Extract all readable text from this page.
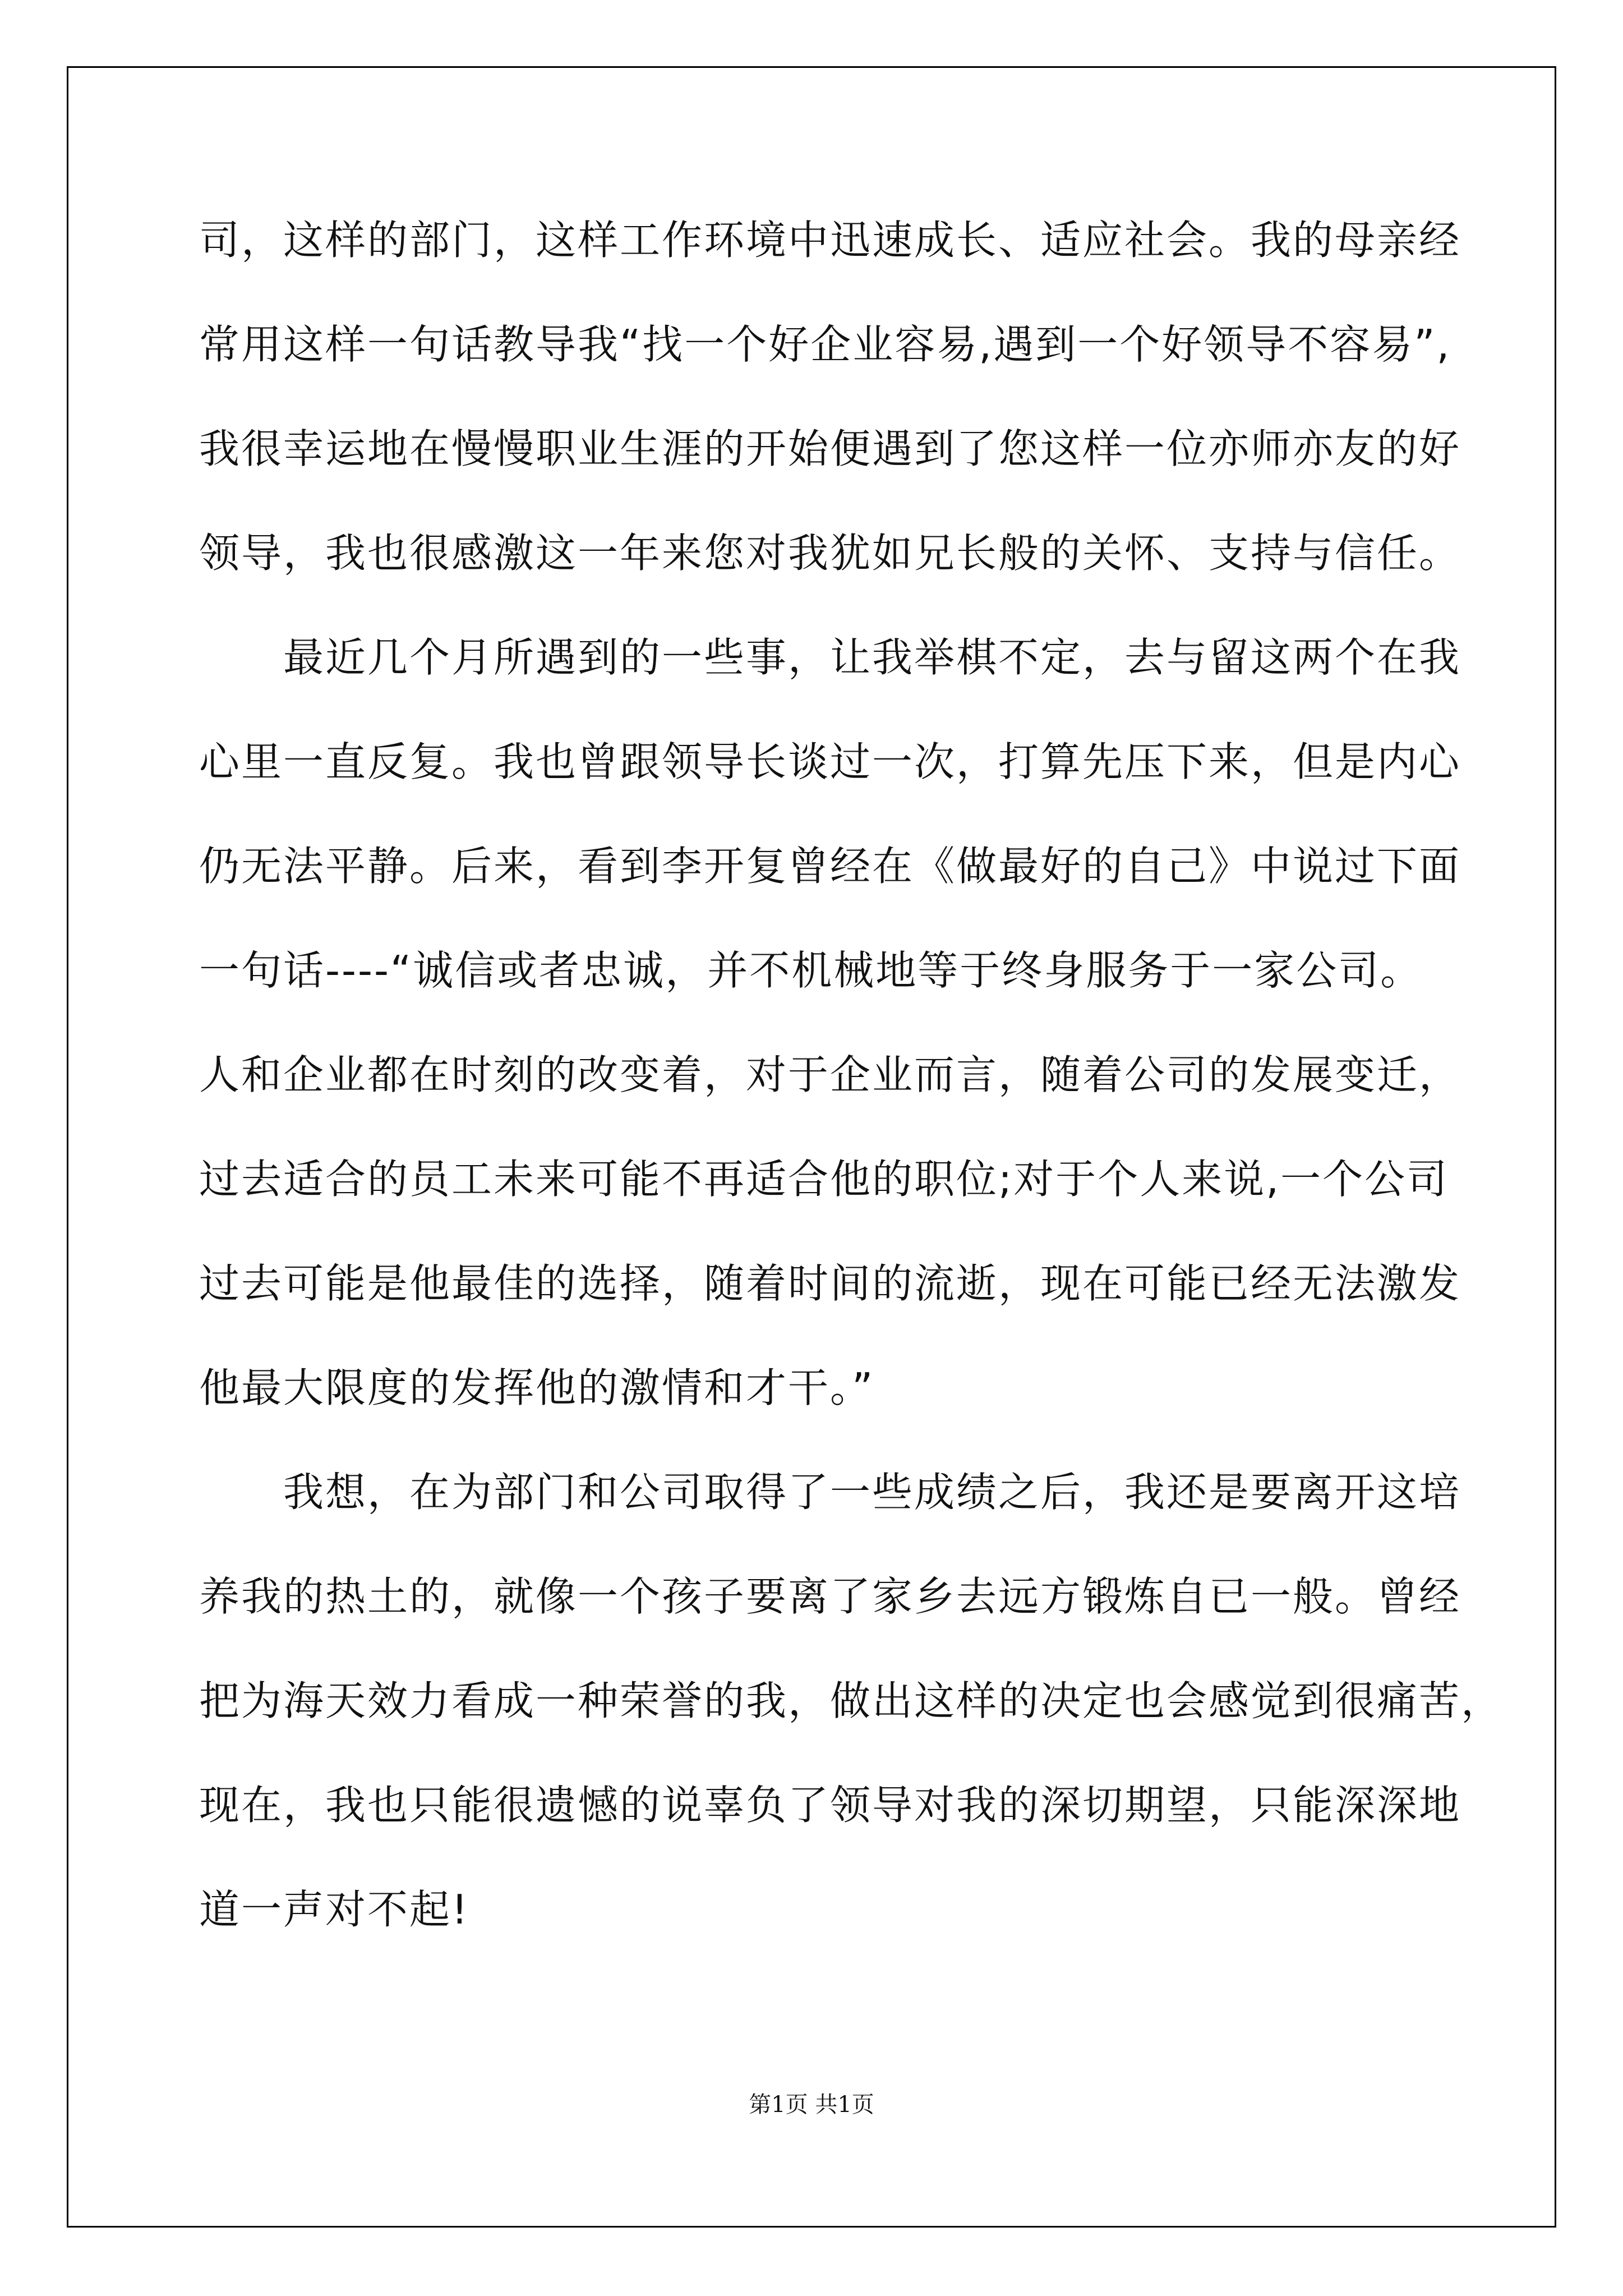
司，这样的部门，这样工作环境中迅速成长、适应社会。我的母亲经
常用这样一句话教导我“找一个好企业容易,遇到一个好领导不容易”,
我很幸运地在慢慢职业生涯的开始便遇到了您这样一位亦师亦友的好
领导，我也很感激这一年来您对我犹如兄长般的关怀、支持与信任。
最近几个月所遇到的一些事，让我举棋不定，去与留这两个在我
心里一直反复。我也曾跟领导长谈过一次，打算先压下来，但是内心
仍无法平静。后来，看到李开复曾经在《做最好的自己》中说过下面
一句话----“诚信或者忠诚，并不机械地等于终身服务于一家公司。
人和企业都在时刻的改变着，对于企业而言，随着公司的发展变迁，
过去适合的员工未来可能不再适合他的职位;对于个人来说,一个公司
过去可能是他最佳的选择，随着时间的流逝，现在可能已经无法激发
他最大限度的发挥他的激情和才干。”
我想，在为部门和公司取得了一些成绩之后，我还是要离开这培
养我的热土的，就像一个孩子要离了家乡去远方锻炼自已一般。曾经
把为海天效力看成一种荣誉的我，做出这样的决定也会感觉到很痛苦，
现在，我也只能很遗憾的说辜负了领导对我的深切期望，只能深深地
道一声对不起!
第1页 共1页
